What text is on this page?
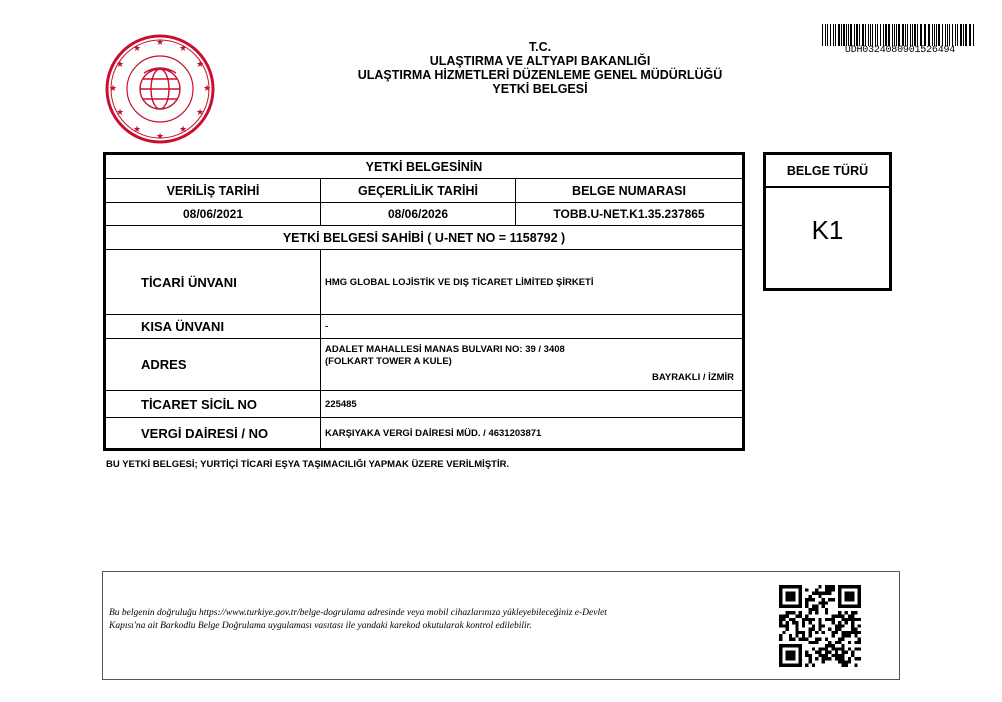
★
★
★
★
★
★
★
★
★
★
★
★	T.C.
ULAŞTIRMA VE ALTYAPI BAKANLIĞI
ULAŞTIRMA HİZMETLERİ DÜZENLEME GENEL MÜDÜRLÜĞÜ
YETKİ BELGESİ
UDH032408090152649​4
YETKİ BELGESİNİN
VERİLİŞ TARİHİ	GEÇERLİLİK TARİHİ	BELGE NUMARASI
08/06/2021	08/06/2026	TOBB.U-NET.K1.35.237865
YETKİ BELGESİ SAHİBİ ( U-NET NO = 1158792 )
TİCARİ ÜNVANI	HMG GLOBAL LOJİSTİK VE DIŞ TİCARET LİMİTED ŞİRKETİ
KISA ÜNVANI	-
ADRES
ADALET MAHALLESİ MANAS BULVARI NO: 39 / 3408
(FOLKART TOWER A KULE)
BAYRAKLI / İZMİR
TİCARET SİCİL NO	225485
VERGİ DAİRESİ / NO	KARŞIYAKA VERGİ DAİRESİ MÜD. / 4631203871
BELGE TÜRÜ
K1
BU YETKİ BELGESİ; YURTİÇİ TİCARİ EŞYA TAŞIMACILIĞI YAPMAK ÜZERE VERİLMİŞTİR.
Bu belgenin doğruluğu https://www.turkiye.gov.tr/belge-dogrulama adresinde veya mobil cihazlarınıza yükleyebileceğiniz e-Devlet
Kapısı'na ait Barkodlu Belge Doğrulama uygulaması vasıtası ile yandaki karekod okutularak kontrol edilebilir.
